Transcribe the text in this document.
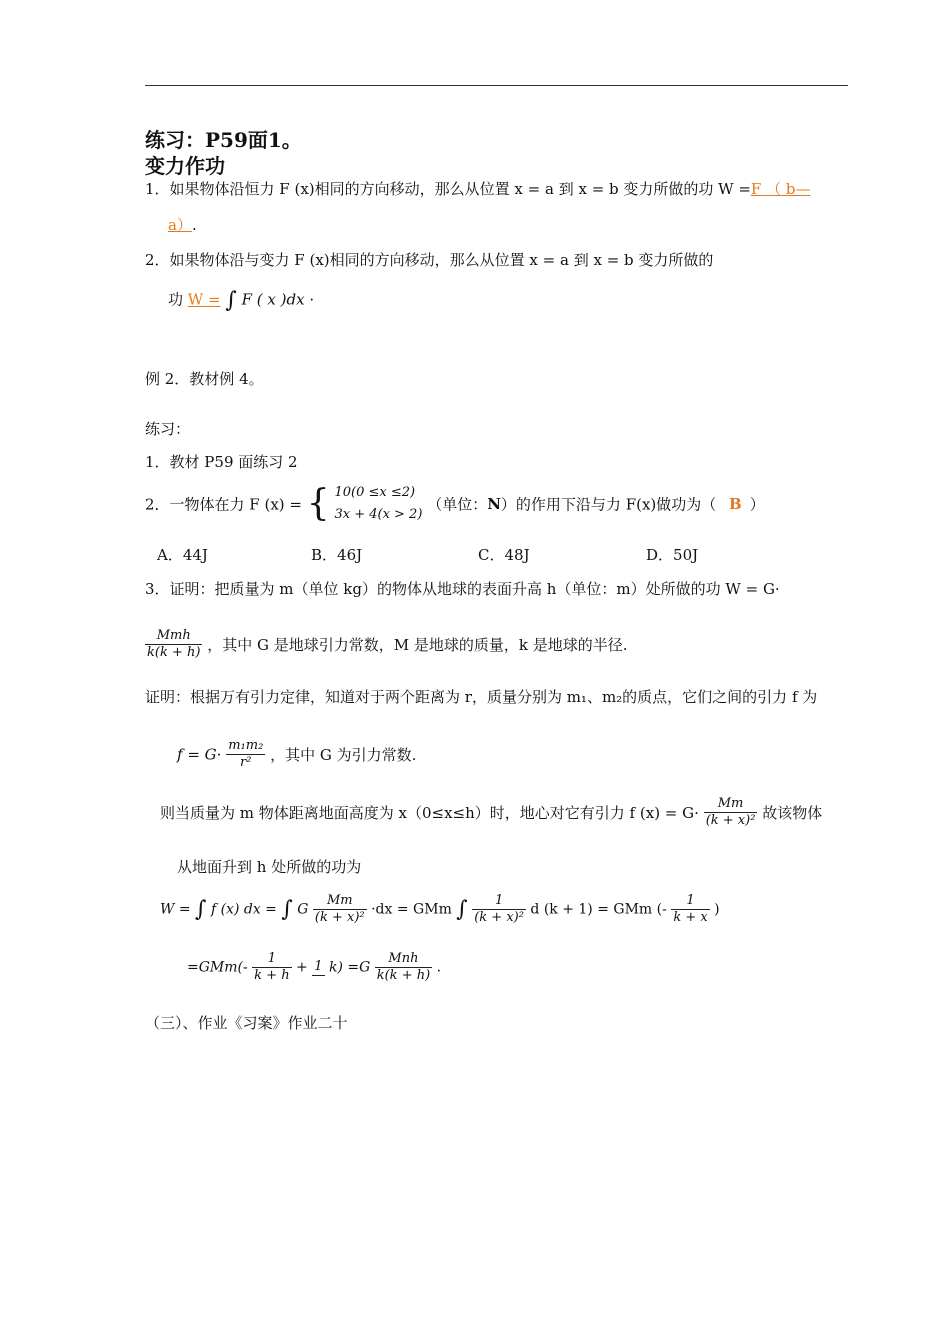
练习：P59面1。
变力作功
1．如果物体沿恒力 F (x)相同的方向移动，那么从位置 x = a 到 x = b 变力所做的功 W =F （ b—
a）.
2．如果物体沿与变力 F (x)相同的方向移动，那么从位置 x = a 到 x = b 变力所做的
功 W = ∫ F ( x )dx ·
例 2．教材例 4。
练习：
1．教材 P59 面练习 2
2．一物体在力 F (x) = { 10(0 ≤x ≤2)
3x + 4(x > 2)
（单位：N）的作用下沿与力 F(x)做功为（ B ）
A．44J	B．46J	C．48J	D．50J
3．证明：把质量为 m（单位 kg）的物体从地球的表面升高 h（单位：m）处所做的功 W = G·
$\frac{\text{Mmh}}{k(k + h)}$ ，其中 G 是地球引力常数，M 是地球的质量，k 是地球的半径.
证明：根据万有引力定律，知道对于两个距离为 r，质量分别为 m₁、m₂的质点，它们之间的引力 f 为
$f = G\cdot \frac{\text{m₁m₂}}{\text{r²}}$ ，其中 G 为引力常数.
则当质量为 m 物体距离地面高度为 x（0≤x≤h）时，地心对它有引力 f $(x) = G\cdot \frac{Mm}{\text{(k + x)²}}$ 故该物体
从地面升到 h 处所做的功为
W = ∫ f (x) dx = ∫ G $\frac{Mm}{\text{(k + x)²}} \cdot dx$ = GMm ∫ $\frac{1}{\text{(k + x)²}}$ d (k + 1) = GMm (- $\frac{1}{k + x}$ )
$=GMm(- \frac{1}{k + h} + 1$ $k) =G \frac{\text{Mnh}}{k(k + h)}$ .
（三）、作业《习案》作业二十
